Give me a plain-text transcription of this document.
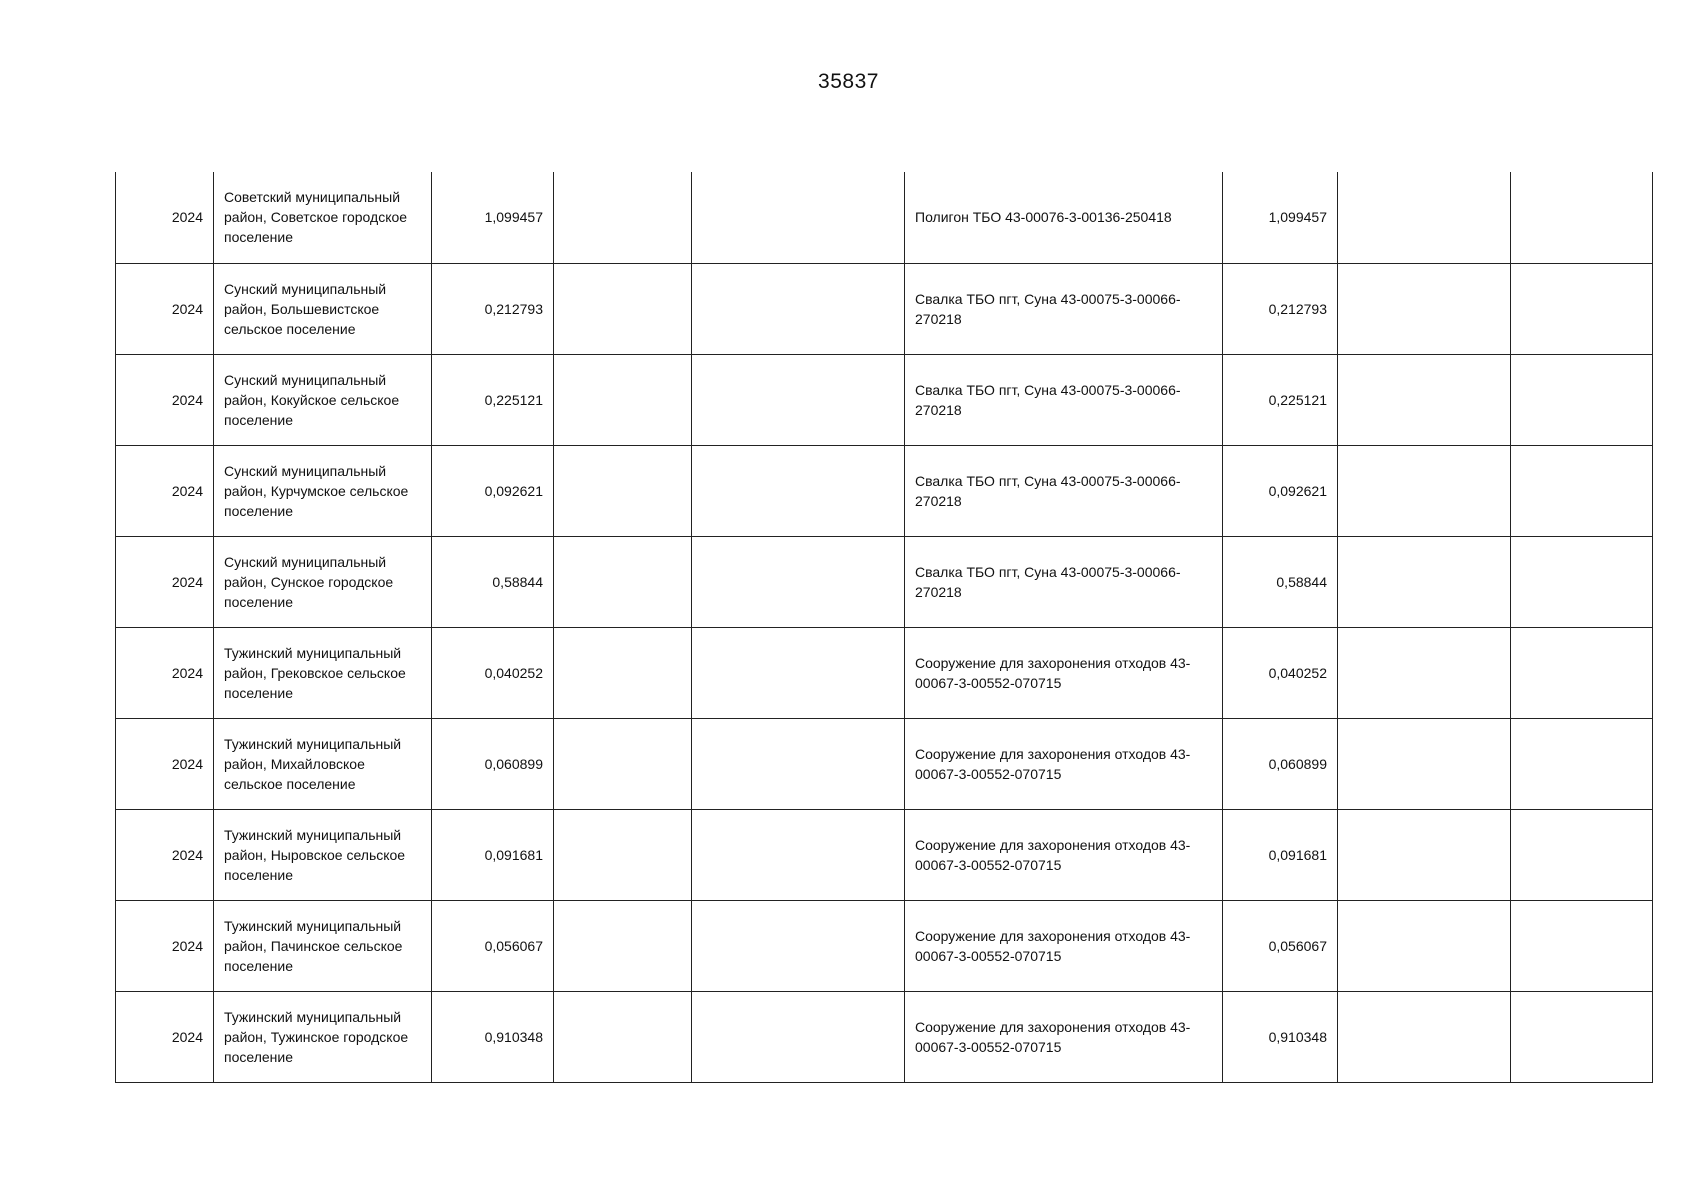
35837
2024	Советский муниципальный район, Советское городское поселение	1,099457			Полигон ТБО 43-00076-3-00136-250418	1,099457		
2024	Сунский муниципальный район, Большевистское сельское поселение	0,212793			Свалка ТБО пгт, Суна 43-00075-3-00066-270218	0,212793		
2024	Сунский муниципальный район, Кокуйское сельское поселение	0,225121			Свалка ТБО пгт, Суна 43-00075-3-00066-270218	0,225121		
2024	Сунский муниципальный район, Курчумское сельское поселение	0,092621			Свалка ТБО пгт, Суна 43-00075-3-00066-270218	0,092621		
2024	Сунский муниципальный район, Сунское городское поселение	0,58844			Свалка ТБО пгт, Суна 43-00075-3-00066-270218	0,58844		
2024	Тужинский муниципальный район, Грековское сельское поселение	0,040252			Сооружение для захоронения отходов 43-00067-3-00552-070715	0,040252		
2024	Тужинский муниципальный район, Михайловское сельское поселение	0,060899			Сооружение для захоронения отходов 43-00067-3-00552-070715	0,060899		
2024	Тужинский муниципальный район, Ныровское сельское поселение	0,091681			Сооружение для захоронения отходов 43-00067-3-00552-070715	0,091681		
2024	Тужинский муниципальный район, Пачинское сельское поселение	0,056067			Сооружение для захоронения отходов 43-00067-3-00552-070715	0,056067		
2024	Тужинский муниципальный район, Тужинское городское поселение	0,910348			Сооружение для захоронения отходов 43-00067-3-00552-070715	0,910348		
